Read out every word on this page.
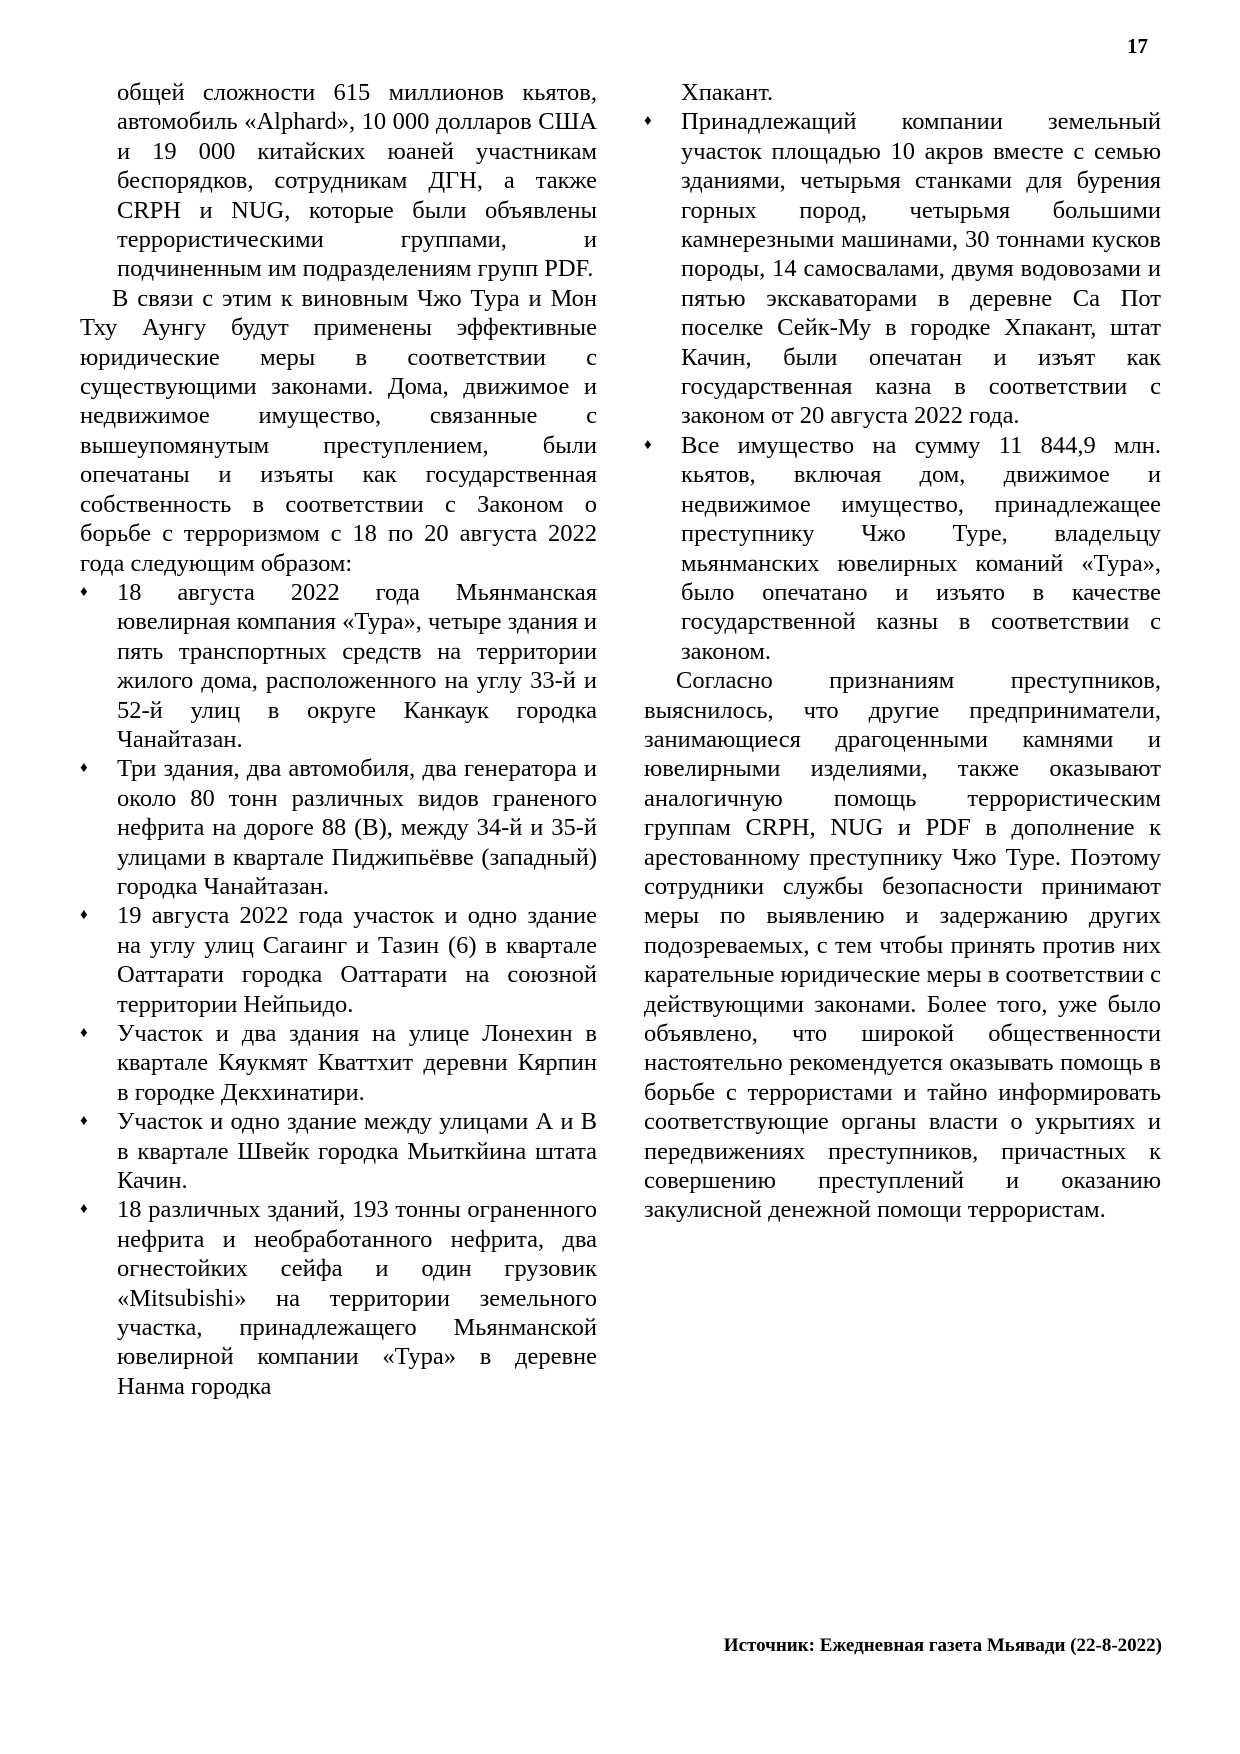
17

общей сложности 615 миллионов кьятов, автомобиль «Alphard», 10 000 долларов США и 19 000 китайских юаней участникам беспорядков, сотрудникам ДГН, а также CRPH и NUG, которые были объявлены террористическими группами, и подчиненным им подразделениям групп PDF.

В связи с этим к виновным Чжо Тура и Мон Тху Аунгу будут применены эффективные юридические меры в соответствии с существующими законами. Дома, движимое и недвижимое имущество, связанные с вышеупомянутым преступлением, были опечатаны и изъяты как государственная собственность в соответствии с Законом о борьбе с терроризмом с 18 по 20 августа 2022 года следующим образом:

♦ 18 августа 2022 года Мьянманская ювелирная компания «Тура», четыре здания и пять транспортных средств на территории жилого дома, расположенного на углу 33-й и 52-й улиц в округе Канкаук городка Чанайтазан.

♦ Три здания, два автомобиля, два генератора и около 80 тонн различных видов граненого нефрита на дороге 88 (В), между 34-й и 35-й улицами в квартале Пиджипьёвве (западный) городка Чанайтазан.

♦ 19 августа 2022 года участок и одно здание на углу улиц Сагаинг и Тазин (6) в квартале Оаттарати городка Оаттарати на союзной территории Нейпьидо.

♦ Участок и два здания на улице Лонехин в квартале Кяукмят Кваттхит деревни Кярпин в городке Декхинатири.

♦ Участок и одно здание между улицами А и В в квартале Швейк городка Мьиткйина штата Качин.

♦ 18 различных зданий, 193 тонны ограненного нефрита и необработанного нефрита, два огнестойких сейфа и один грузовик «Mitsubishi» на территории земельного участка, принадлежащего Мьянманской ювелирной компании «Тура» в деревне Нанма городка

Хпакант.

♦ Принадлежащий компании земельный участок площадью 10 акров вместе с семью зданиями, четырьмя станками для бурения горных пород, четырьмя большими камнерезными машинами, 30 тоннами кусков породы, 14 самосвалами, двумя водовозами и пятью экскаваторами в деревне Са Пот поселке Сейк-Му в городке Хпакант, штат Качин, были опечатан и изъят как государственная казна в соответствии с законом от 20 августа 2022 года.

♦ Все имущество на сумму 11 844,9 млн. кьятов, включая дом, движимое и недвижимое имущество, принадлежащее преступнику Чжо Туре, владельцу мьянманских ювелирных команий «Тура», было опечатано и изъято в качестве государственной казны в соответствии с законом.

Согласно признаниям преступников, выяснилось, что другие предприниматели, занимающиеся драгоценными камнями и ювелирными изделиями, также оказывают аналогичную помощь террористическим группам CRPH, NUG и PDF в дополнение к арестованному преступнику Чжо Туре. Поэтому сотрудники службы безопасности принимают меры по выявлению и задержанию других подозреваемых, с тем чтобы принять против них карательные юридические меры в соответствии с действующими законами. Более того, уже было объявлено, что широкой общественности настоятельно рекомендуется оказывать помощь в борьбе с террористами и тайно информировать соответствующие органы власти о укрытиях и передвижениях преступников, причастных к совершению преступлений и оказанию закулисной денежной помощи террористам.

Источник: Ежедневная газета Мьявади (22-8-2022)
